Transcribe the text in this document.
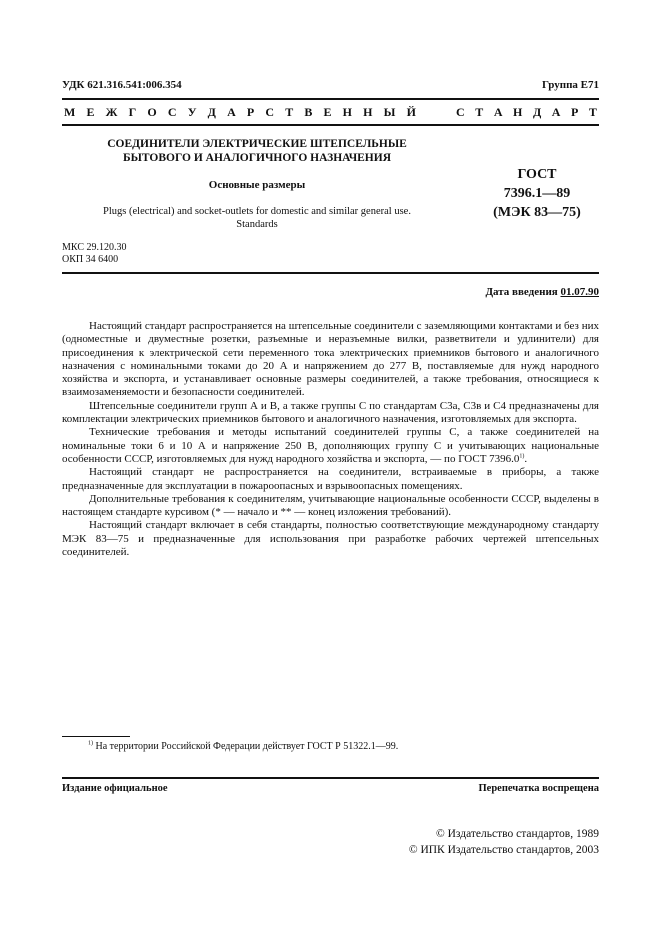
УДК 621.316.541:006.354	Группа Е71
М Е Ж Г О С У Д А Р С Т В Е Н Н Ы Й	С Т А Н Д А Р Т
СОЕДИНИТЕЛИ ЭЛЕКТРИЧЕСКИЕ ШТЕПСЕЛЬНЫЕ
БЫТОВОГО И АНАЛОГИЧНОГО НАЗНАЧЕНИЯ
Основные размеры
Plugs (electrical) and socket-outlets for domestic and similar general use.
Standards
ГОСТ
7396.1—89
(МЭК 83—75)
МКС 29.120.30
ОКП 34 6400
Дата введения 01.07.90

Настоящий стандарт распространяется на штепсельные соединители с заземляющими контактами и без них (одноместные и двуместные розетки, разъемные и неразъемные вилки, разветвители и удлинители) для присоединения к электрической сети переменного тока электрических приемников бытового и аналогичного назначения с номинальными токами до 20 А и напряжением до 277 В, поставляемые для нужд народного хозяйства и экспорта, и устанавливает основные размеры соединителей, а также требования, относящиеся к взаимозаменяемости и безопасности соединителей.

Штепсельные соединители групп А и В, а также группы С по стандартам С3а, С3в и С4 предназначены для комплектации электрических приемников бытового и аналогичного назначения, изготовляемых для экспорта.

Технические требования и методы испытаний соединителей группы С, а также соединителей на номинальные токи 6 и 10 А и напряжение 250 В, дополняющих группу С и учитывающих национальные особенности СССР, изготовляемых для нужд народного хозяйства и экспорта, — по ГОСТ 7396.0$^{1)}$.

Настоящий стандарт не распространяется на соединители, встраиваемые в приборы, а также предназначенные для эксплуатации в пожароопасных и взрывоопасных помещениях.

Дополнительные требования к соединителям, учитывающие национальные особенности СССР, выделены в настоящем стандарте курсивом (* — начало и ** — конец изложения требований).

Настоящий стандарт включает в себя стандарты, полностью соответствующие международному стандарту МЭК 83—75 и предназначенные для использования при разработке рабочих чертежей штепсельных соединителей.

$^{1)}$ На территории Российской Федерации действует ГОСТ Р 51322.1—99.
Издание официальное	Перепечатка воспрещена
© Издательство стандартов, 1989
© ИПК Издательство стандартов, 2003
